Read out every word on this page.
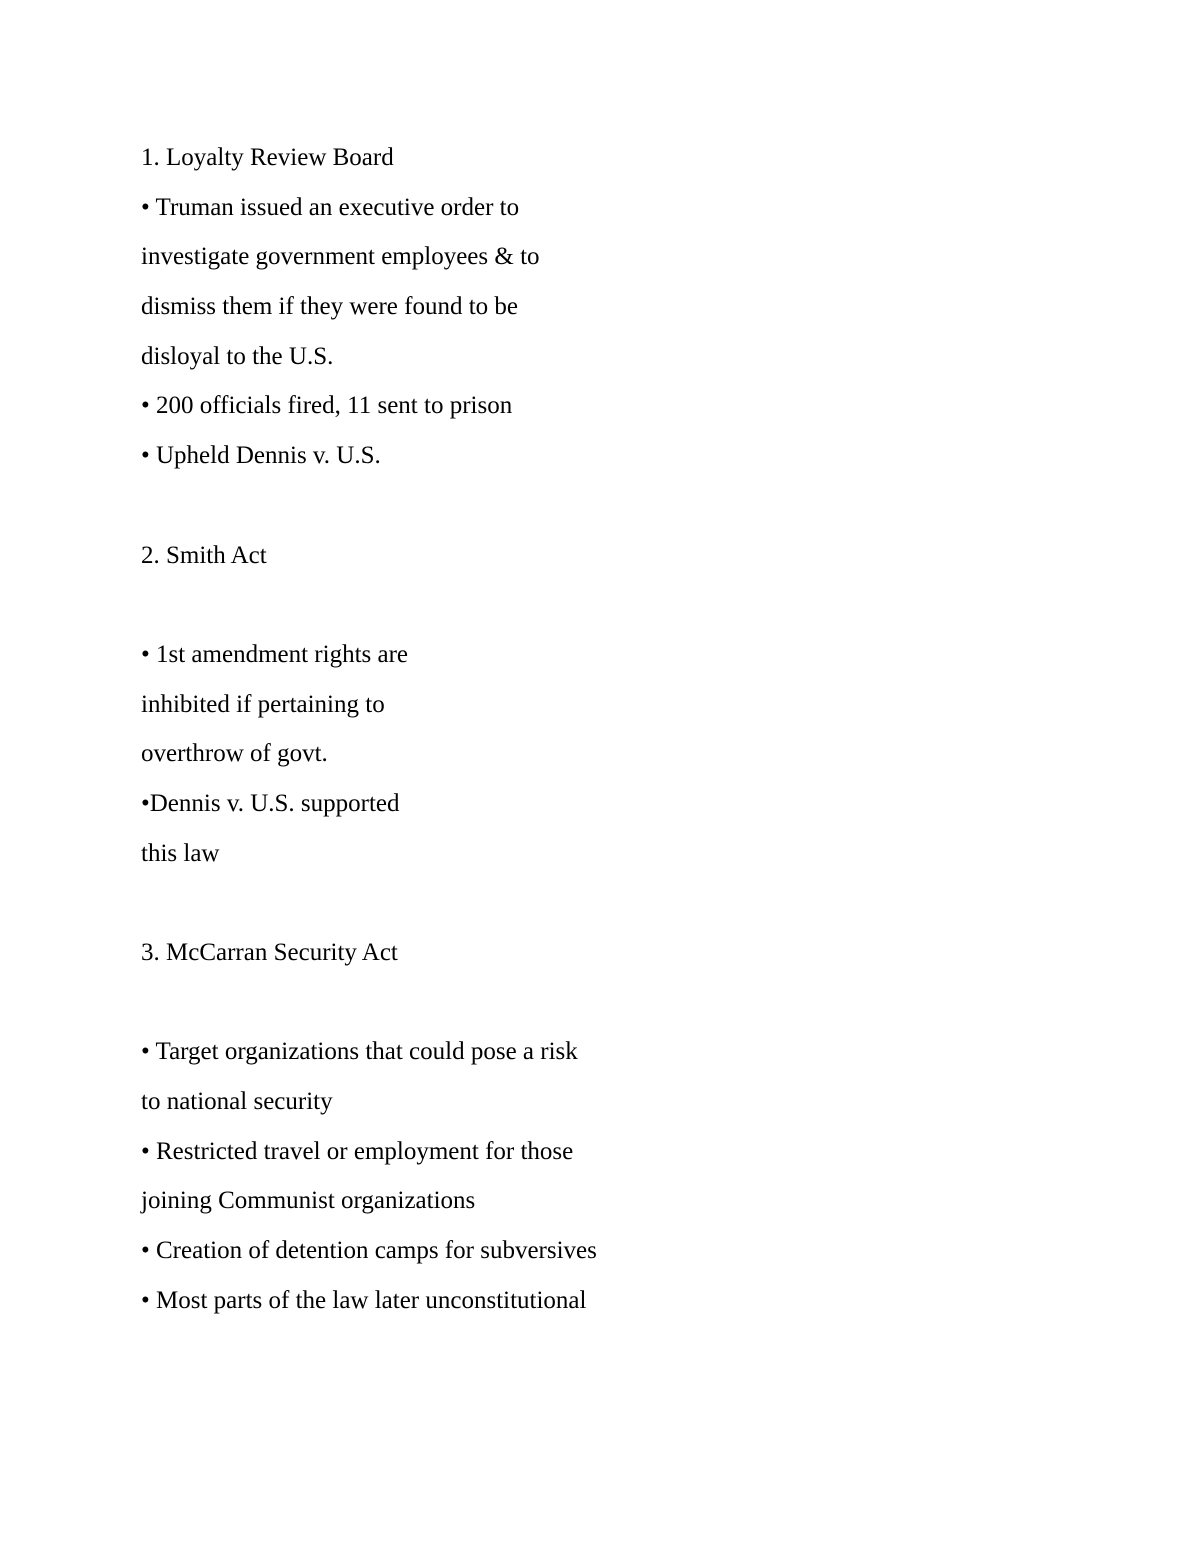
1. Loyalty Review Board
• Truman issued an executive order to
investigate government employees & to
dismiss them if they were found to be
disloyal to the U.S.
• 200 officials fired, 11 sent to prison
• Upheld Dennis v. U.S.
2. Smith Act
• 1st amendment rights are
inhibited if pertaining to
overthrow of govt.
•Dennis v. U.S. supported
this law
3. McCarran Security Act
• Target organizations that could pose a risk
to national security
• Restricted travel or employment for those
joining Communist organizations
• Creation of detention camps for subversives
• Most parts of the law later unconstitutional
